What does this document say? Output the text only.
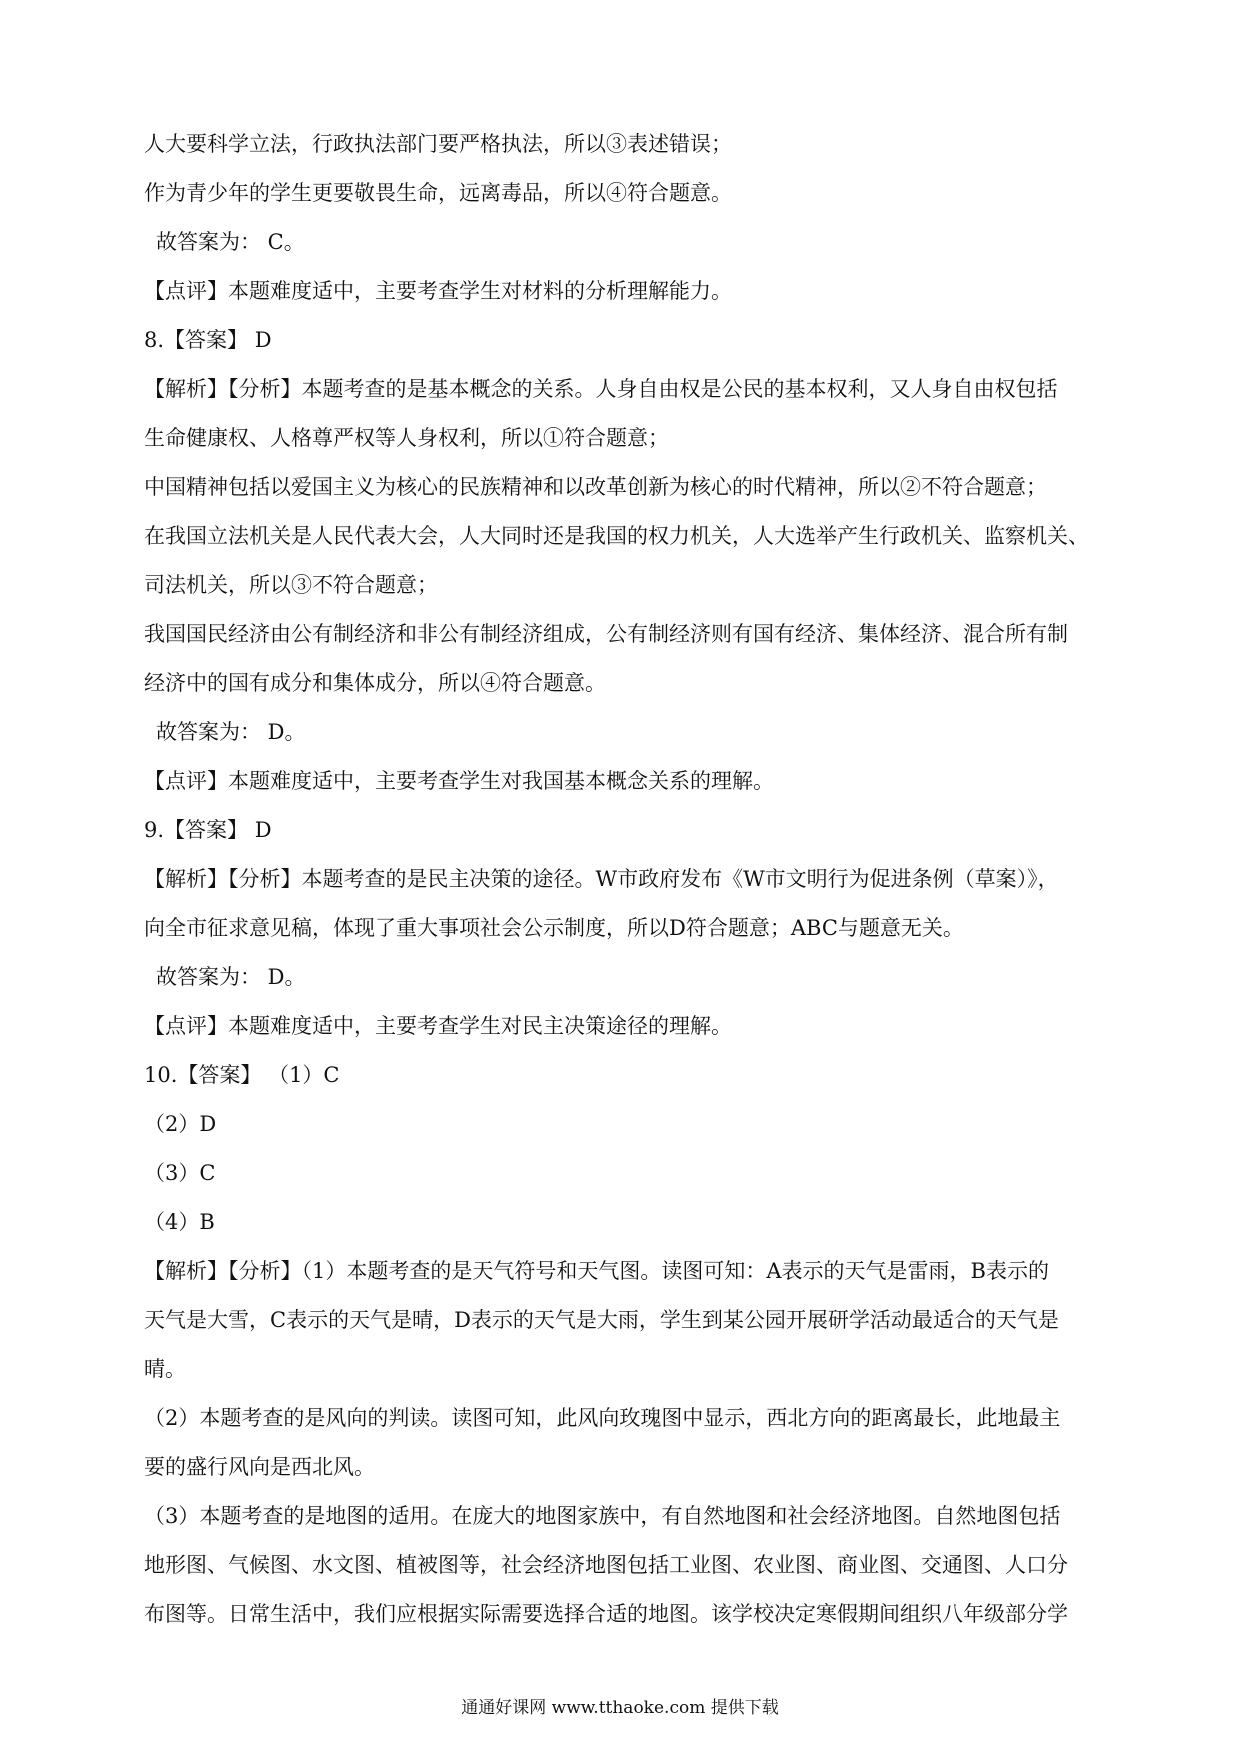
人大要科学立法，行政执法部门要严格执法，所以③表述错误；

作为青少年的学生更要敬畏生命，远离毒品，所以④符合题意。

故答案为： C。

【点评】本题难度适中，主要考查学生对材料的分析理解能力。

8.【答案】 D

【解析】【分析】本题考查的是基本概念的关系。人身自由权是公民的基本权利，又人身自由权包括

生命健康权、人格尊严权等人身权利，所以①符合题意；

中国精神包括以爱国主义为核心的民族精神和以改革创新为核心的时代精神，所以②不符合题意；

在我国立法机关是人民代表大会，人大同时还是我国的权力机关，人大选举产生行政机关、监察机关、

司法机关，所以③不符合题意；

我国国民经济由公有制经济和非公有制经济组成，公有制经济则有国有经济、集体经济、混合所有制

经济中的国有成分和集体成分，所以④符合题意。

故答案为： D。

【点评】本题难度适中，主要考查学生对我国基本概念关系的理解。

9.【答案】 D

【解析】【分析】本题考查的是民主决策的途径。W市政府发布《W市文明行为促进条例（草案）》，

向全市征求意见稿，体现了重大事项社会公示制度，所以D符合题意；ABC与题意无关。

故答案为： D。

【点评】本题难度适中，主要考查学生对民主决策途径的理解。

10.【答案】 （1）C

（2）D

（3）C

（4）B

【解析】【分析】（1）本题考查的是天气符号和天气图。读图可知：A表示的天气是雷雨，B表示的

天气是大雪，C表示的天气是晴，D表示的天气是大雨，学生到某公园开展研学活动最适合的天气是

晴。

（2）本题考查的是风向的判读。读图可知，此风向玫瑰图中显示，西北方向的距离最长，此地最主

要的盛行风向是西北风。

（3）本题考查的是地图的适用。在庞大的地图家族中，有自然地图和社会经济地图。自然地图包括

地形图、气候图、水文图、植被图等，社会经济地图包括工业图、农业图、商业图、交通图、人口分

布图等。日常生活中，我们应根据实际需要选择合适的地图。该学校决定寒假期间组织八年级部分学

通通好课网 www.tthaoke.com 提供下载
